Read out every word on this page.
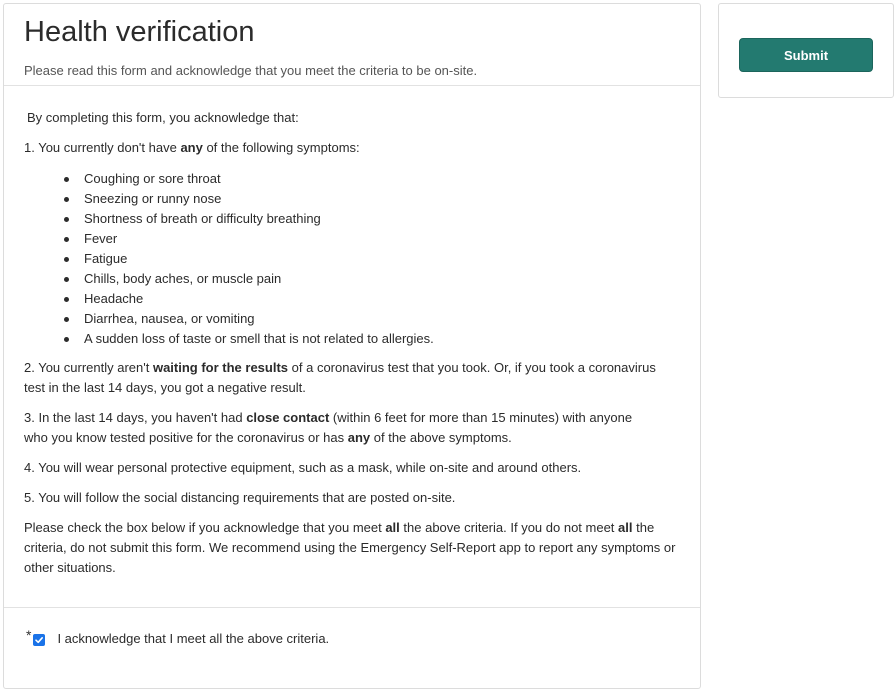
Health verification
Please read this form and acknowledge that you meet the criteria to be on-site.

By completing this form, you acknowledge that:

1. You currently don't have any of the following symptoms:
Coughing or sore throat
Sneezing or runny nose
Shortness of breath or difficulty breathing
Fever
Fatigue
Chills, body aches, or muscle pain
Headache
Diarrhea, nausea, or vomiting
A sudden loss of taste or smell that is not related to allergies.
2. You currently aren't waiting for the results of a coronavirus test that you took. Or, if you took a coronavirus
test in the last 14 days, you got a negative result.
3. In the last 14 days, you haven't had close contact (within 6 feet for more than 15 minutes) with anyone
who you know tested positive for the coronavirus or has any of the above symptoms.
4. You will wear personal protective equipment, such as a mask, while on-site and around others.
5. You will follow the social distancing requirements that are posted on-site.
Please check the box below if you acknowledge that you meet all the above criteria. If you do not meet all the
criteria, do not submit this form. We recommend using the Emergency Self-Report app to report any symptoms or
other situations.
* I acknowledge that I meet all the above criteria.
Submit
